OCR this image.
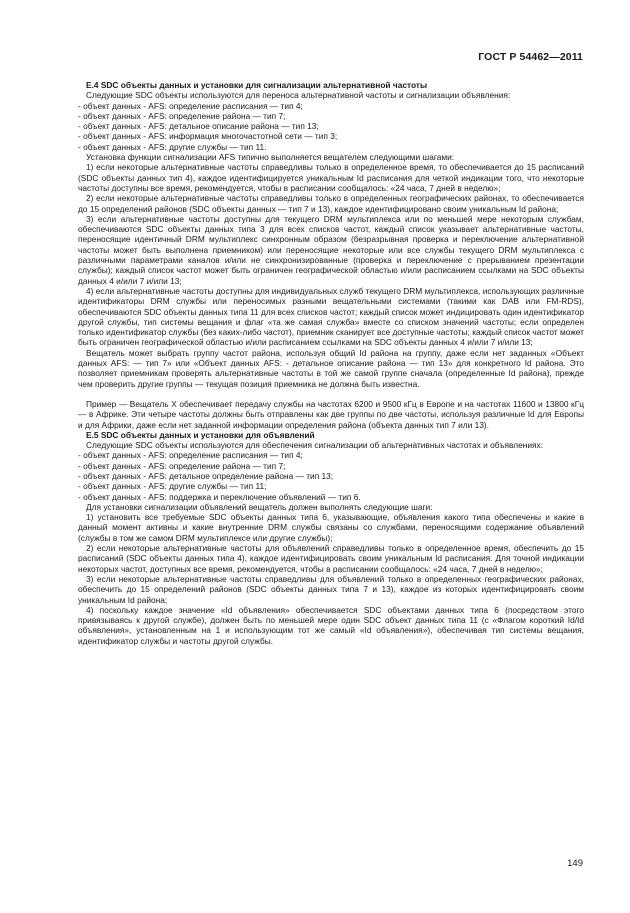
ГОСТ Р 54462—2011

E.4 SDC объекты данных и установки для сигнализации альтернативной частоты

Следующие SDC объекты используются для переноса альтернативной частоты и сигнализации объявления:

- объект данных - AFS: определение расписания — тип 4;

- объект данных - AFS: определение района — тип 7;

- объект данных - AFS: детальное описание района — тип 13;

- объект данных - AFS: информация многочастотной сети — тип 3;

- объект данных - AFS: другие службы — тип 11.

Установка функции сигнализации AFS типично выполняется вещателем следующими шагами:

1) если некоторые альтернативные частоты справедливы только в определенное время, то обеспечивается до 15 расписаний (SDC объекты данных тип 4), каждое идентифицируется уникальным Id расписания для четкой индикации того, что некоторые частоты доступны все время, рекомендуется, чтобы в расписании сообщалось: «24 часа, 7 дней в неделю»;

2) если некоторые альтернативные частоты справедливы только в определенных географических районах, то обеспечивается до 15 определений районов (SDC объекты данных — тип 7 и 13), каждое идентифицировано своим уникальным Id района;

3) если альтернативные частоты доступны для текущего DRM мультиплекса или по меньшей мере некоторым службам, обеспечиваются SDC объекты данных типа 3 для всех списков частот, каждый список указывает альтернативные частоты, переносящие идентичный DRM мультиплекс синхронным образом (безразрывная проверка и переключение альтернативной частоты может быть выполнена приемником) или переносящие некоторые или все службы текущего DRM мультиплекса с различными параметрами каналов и/или не синхронизированные (проверка и переключение с прерыванием презентации службы); каждый список частот может быть ограничен географической областью и/или расписанием ссылками на SDC объекты данных 4 и/или 7 и/или 13;

4) если альтернативные частоты доступны для индивидуальных служб текущего DRM мультиплекса, использующих различные идентификаторы DRM службы или переносимых разными вещательными системами (такими как DAB или FM-RDS), обеспечиваются SDC объекты данных типа 11 для всех списков частот; каждый список может индицировать один идентификатор другой службы, тип системы вещания и флаг «та же самая служба» вместе со списком значений частоты; если определен только идентификатор службы (без каких-либо частот), приемник сканирует все доступные частоты; каждый список частот может быть ограничен географической областью и/или расписанием ссылками на SDC объекты данных 4 и/или 7 и/или 13;

Вещатель может выбрать группу частот района, используя общий Id района на группу, даже если нет заданных «Объект данных AFS: — тип 7» или «Объект данных AFS: - детальное описание района — тип 13» для конкретного Id района. Это позволяет приемникам проверять альтернативные частоты в той же самой группе сначала (определенные Id района), прежде чем проверить другие группы — текущая позиция приемника не должна быть известна.

Пример — Вещатель X обеспечивает передачу службы на частотах 6200 и 9500 кГц в Европе и на частотах 11600 и 13800 кГц — в Африке. Эти четыре частоты должны быть отправлены как две группы по две частоты, используя различные Id для Европы и для Африки, даже если нет заданной информации определения района (объекта данных тип 7 или 13).

E.5 SDC объекты данных и установки для объявлений

Следующие SDC объекты используются для обеспечения сигнализации об альтернативных частотах и объявлениях:

- объект данных - AFS: определение расписания — тип 4;

- объект данных - AFS: определение района — тип 7;

- объект данных - AFS: детальное определение района — тип 13;

- объект данных - AFS: другие службы — тип 11;

- объект данных - AFS: поддержка и переключение объявлений — тип 6.

Для установки сигнализации объявлений вещатель должен выполнять следующие шаги:

1) установить все требуемые SDC объекты данных типа 6, указывающие, объявления какого типа обеспечены и какие в данный момент активны и какие внутренние DRM службы связаны со службами, переносящими содержание объявлений (службы в том же самом DRM мультиплексе или другие службы);

2) если некоторые альтернативные частоты для объявлений справедливы только в определенное время, обеспечить до 15 расписаний (SDC объекты данных типа 4), каждое идентифицировать своим уникальным Id расписания. Для точной индикации некоторых частот, доступных все время, рекомендуется, чтобы в расписании сообщалось: «24 часа, 7 дней в неделю»;

3) если некоторые альтернативные частоты справедливы для объявлений только в определенных географических районах, обеспечить до 15 определений районов (SDC объекты данных типа 7 и 13), каждое из которых идентифицировать своим уникальным Id района;

4) поскольку каждое значение «Id объявления» обеспечивается SDC объектами данных типа 6 (посредством этого привязываясь к другой службе), должен быть по меньшей мере один SDC объект данных типа 11 (с «Флагом короткий Id/Id объявления», установленным на 1 и использующим тот же самый «Id объявления»), обеспечивая тип системы вещания, идентификатор службы и частоты другой службы.

149
